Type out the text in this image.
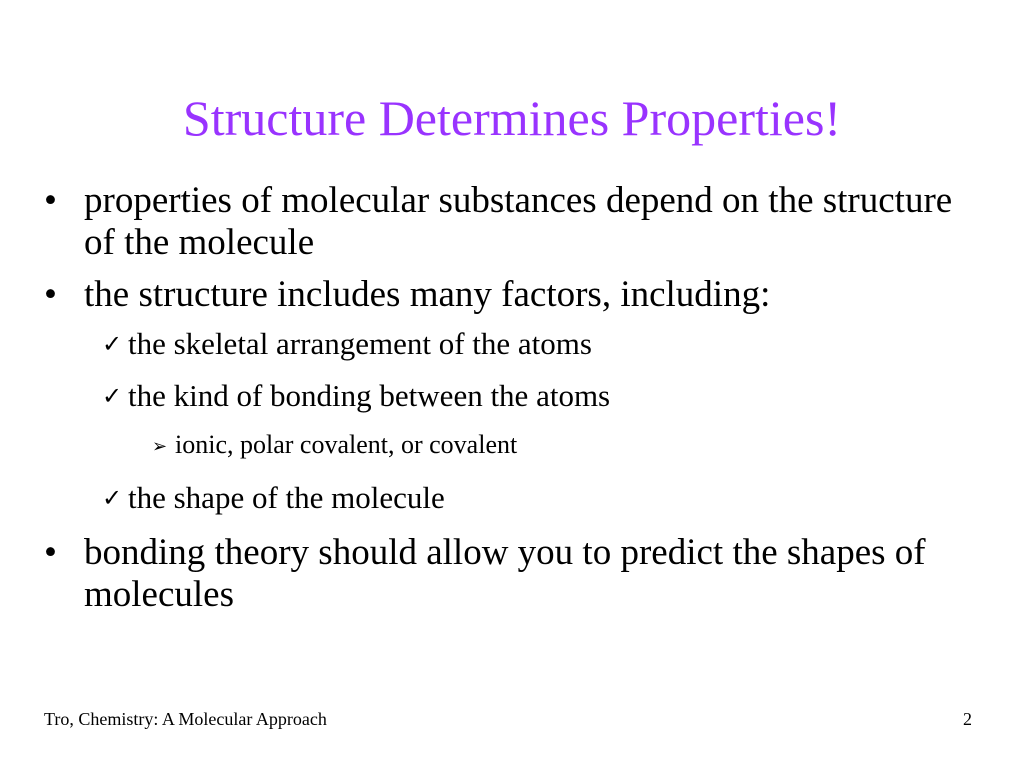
Structure Determines Properties!
• properties of molecular substances depend on the structure of the molecule
• the structure includes many factors, including:
✓ the skeletal arrangement of the atoms
✓ the kind of bonding between the atoms
➢ ionic, polar covalent, or covalent
✓ the shape of the molecule
• bonding theory should allow you to predict the shapes of molecules
Tro, Chemistry: A Molecular Approach	2
